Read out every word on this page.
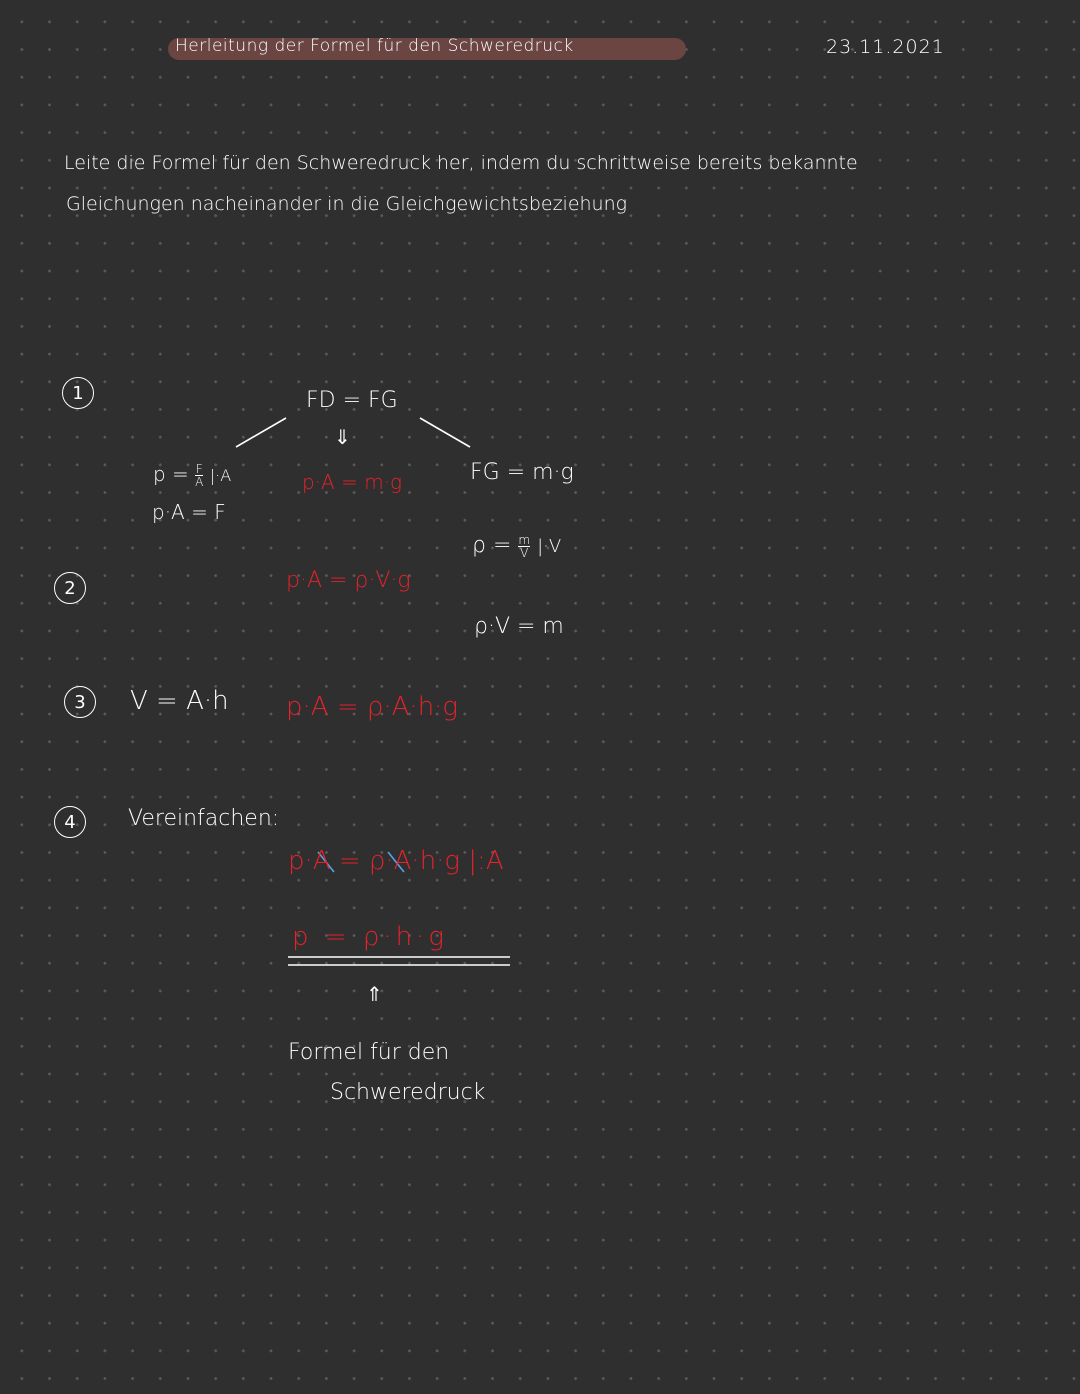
Herleitung der Formel für den Schweredruck	23.11.2021
Leite die Formel für den Schweredruck her, indem du schrittweise bereits bekannte
Gleichungen nacheinander in die Gleichgewichtsbeziehung
1
2
3
4
FD = FG
⇓
$p = \frac{F}{A} |\cdot A$
p·A = F
p·A = m·g	FG = m·g
$\rho = \frac{m}{V} |\cdot V$
p·A = ρ·V·g
ρ·V = m
V = A·h p·A = ρ·A·h·g
Vereinfachen:
p·A = ρ·A·h·g |:A
p = ρ·h·g
⇑
Formel für den
Schweredruck
